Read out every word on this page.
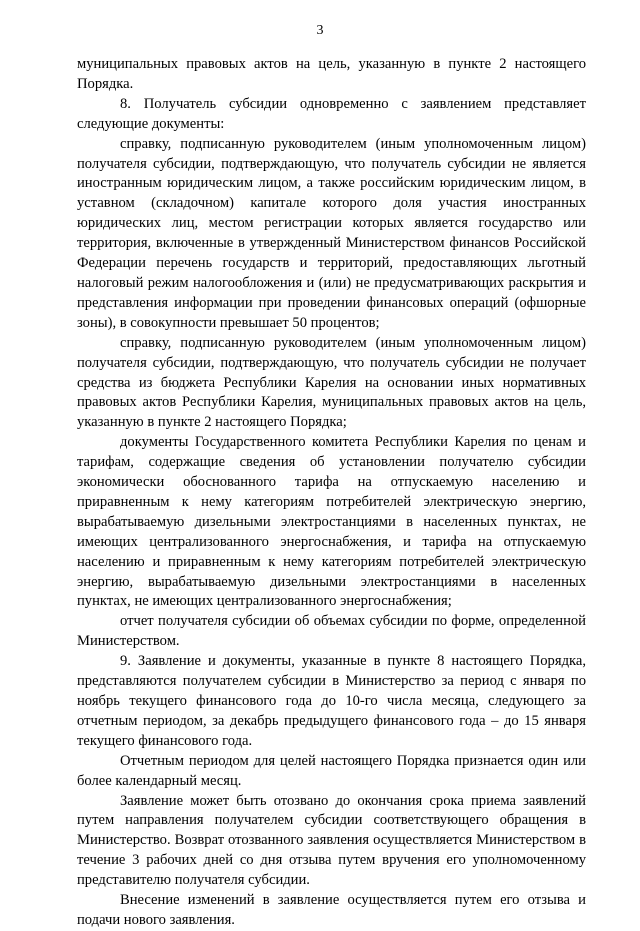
3

муниципальных правовых актов на цель, указанную в пункте 2 настоящего Порядка.

8. Получатель субсидии одновременно с заявлением представляет следующие документы:

справку, подписанную руководителем (иным уполномоченным лицом) получателя субсидии, подтверждающую, что получатель субсидии не является иностранным юридическим лицом, а также российским юридическим лицом, в уставном (складочном) капитале которого доля участия иностранных юридических лиц, местом регистрации которых является государство или территория, включенные в утвержденный Министерством финансов Российской Федерации перечень государств и территорий, предоставляющих льготный налоговый режим налогообложения и (или) не предусматривающих раскрытия и представления информации при проведении финансовых операций (офшорные зоны), в совокупности превышает 50 процентов;

справку, подписанную руководителем (иным уполномоченным лицом) получателя субсидии, подтверждающую, что получатель субсидии не получает средства из бюджета Республики Карелия на основании иных нормативных правовых актов Республики Карелия, муниципальных правовых актов на цель, указанную в пункте 2 настоящего Порядка;

документы Государственного комитета Республики Карелия по ценам и тарифам, содержащие сведения об установлении получателю субсидии экономически обоснованного тарифа на отпускаемую населению и приравненным к нему категориям потребителей электрическую энергию, вырабатываемую дизельными электростанциями в населенных пунктах, не имеющих централизованного энергоснабжения, и тарифа на отпускаемую населению и приравненным к нему категориям потребителей электрическую энергию, вырабатываемую дизельными электростанциями в населенных пунктах, не имеющих централизованного энергоснабжения;

отчет получателя субсидии об объемах субсидии по форме, определенной Министерством.

9. Заявление и документы, указанные в пункте 8 настоящего Порядка, представляются получателем субсидии в Министерство за период с января по ноябрь текущего финансового года до 10-го числа месяца, следующего за отчетным периодом, за декабрь предыдущего финансового года – до 15 января текущего финансового года.

Отчетным периодом для целей настоящего Порядка признается один или более календарный месяц.

Заявление может быть отозвано до окончания срока приема заявлений путем направления получателем субсидии соответствующего обращения в Министерство. Возврат отозванного заявления осуществляется Министерством в течение 3 рабочих дней со дня отзыва путем вручения его уполномоченному представителю получателя субсидии.

Внесение изменений в заявление осуществляется путем его отзыва и подачи нового заявления.
